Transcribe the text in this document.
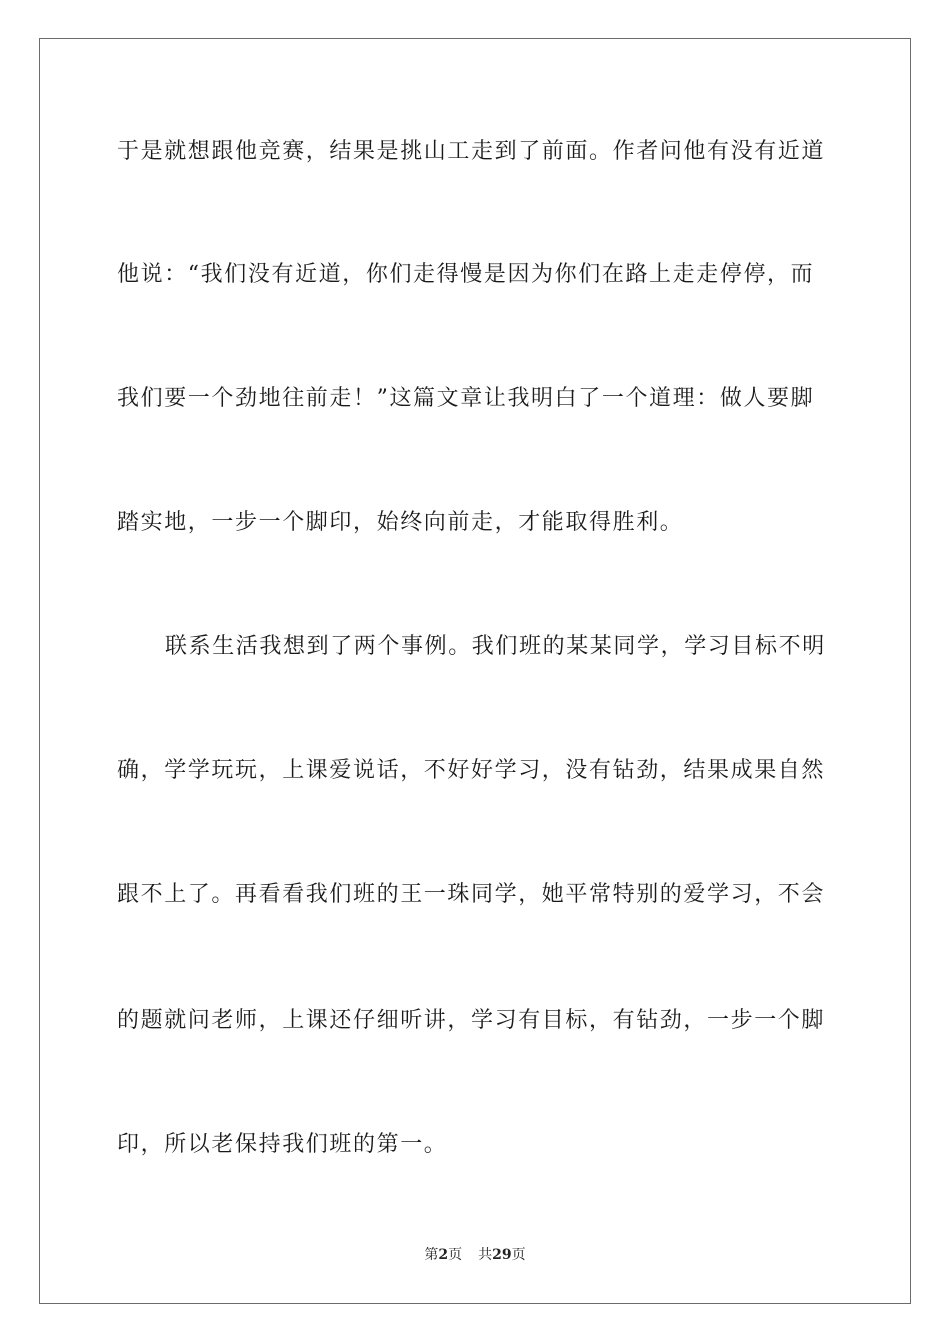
于是就想跟他竞赛，结果是挑山工走到了前面。作者问他有没有近道
他说：“我们没有近道，你们走得慢是因为你们在路上走走停停，而
我们要一个劲地往前走！”这篇文章让我明白了一个道理：做人要脚
踏实地，一步一个脚印，始终向前走，才能取得胜利。
联系生活我想到了两个事例。我们班的某某同学，学习目标不明
确，学学玩玩，上课爱说话，不好好学习，没有钻劲，结果成果自然
跟不上了。再看看我们班的王一珠同学，她平常特别的爱学习，不会
的题就问老师，上课还仔细听讲，学习有目标，有钻劲，一步一个脚
印，所以老保持我们班的第一。
第2页 共29页
